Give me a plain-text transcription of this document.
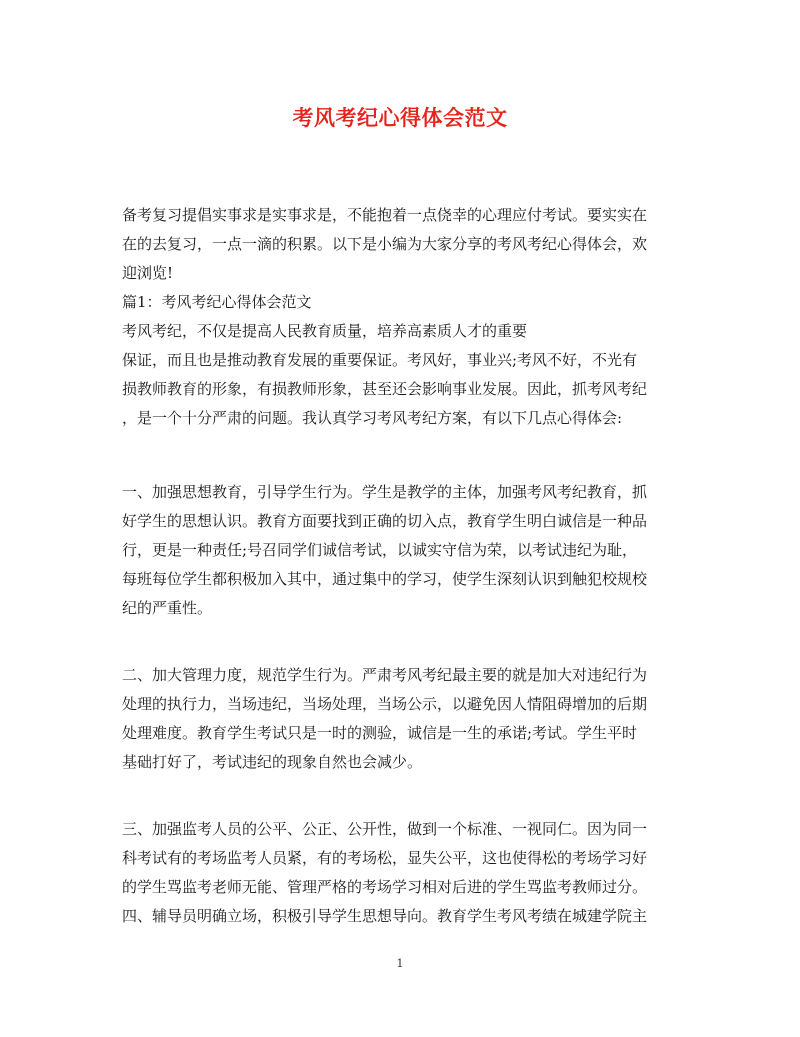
考风考纪心得体会范文
备考复习提倡实事求是实事求是，不能抱着一点侥幸的心理应付考试。要实实在
在的去复习，一点一滴的积累。以下是小编为大家分享的考风考纪心得体会，欢
迎浏览!
篇1：考风考纪心得体会范文
考风考纪，不仅是提高人民教育质量，培养高素质人才的重要
保证，而且也是推动教育发展的重要保证。考风好，事业兴;考风不好，不光有
损教师教育的形象，有损教师形象，甚至还会影响事业发展。因此，抓考风考纪
，是一个十分严肃的问题。我认真学习考风考纪方案，有以下几点心得体会:
一、加强思想教育，引导学生行为。学生是教学的主体，加强考风考纪教育，抓
好学生的思想认识。教育方面要找到正确的切入点，教育学生明白诚信是一种品
行，更是一种责任;号召同学们诚信考试，以诚实守信为荣，以考试违纪为耻，
每班每位学生都积极加入其中，通过集中的学习，使学生深刻认识到触犯校规校
纪的严重性。
二、加大管理力度，规范学生行为。严肃考风考纪最主要的就是加大对违纪行为
处理的执行力，当场违纪，当场处理，当场公示，以避免因人情阻碍增加的后期
处理难度。教育学生考试只是一时的测验，诚信是一生的承诺;考试。学生平时
基础打好了，考试违纪的现象自然也会减少。
三、加强监考人员的公平、公正、公开性，做到一个标准、一视同仁。因为同一
科考试有的考场监考人员紧，有的考场松，显失公平，这也使得松的考场学习好
的学生骂监考老师无能、管理严格的考场学习相对后进的学生骂监考教师过分。
四、辅导员明确立场，积极引导学生思想导向。教育学生考风考绩在城建学院主
1
